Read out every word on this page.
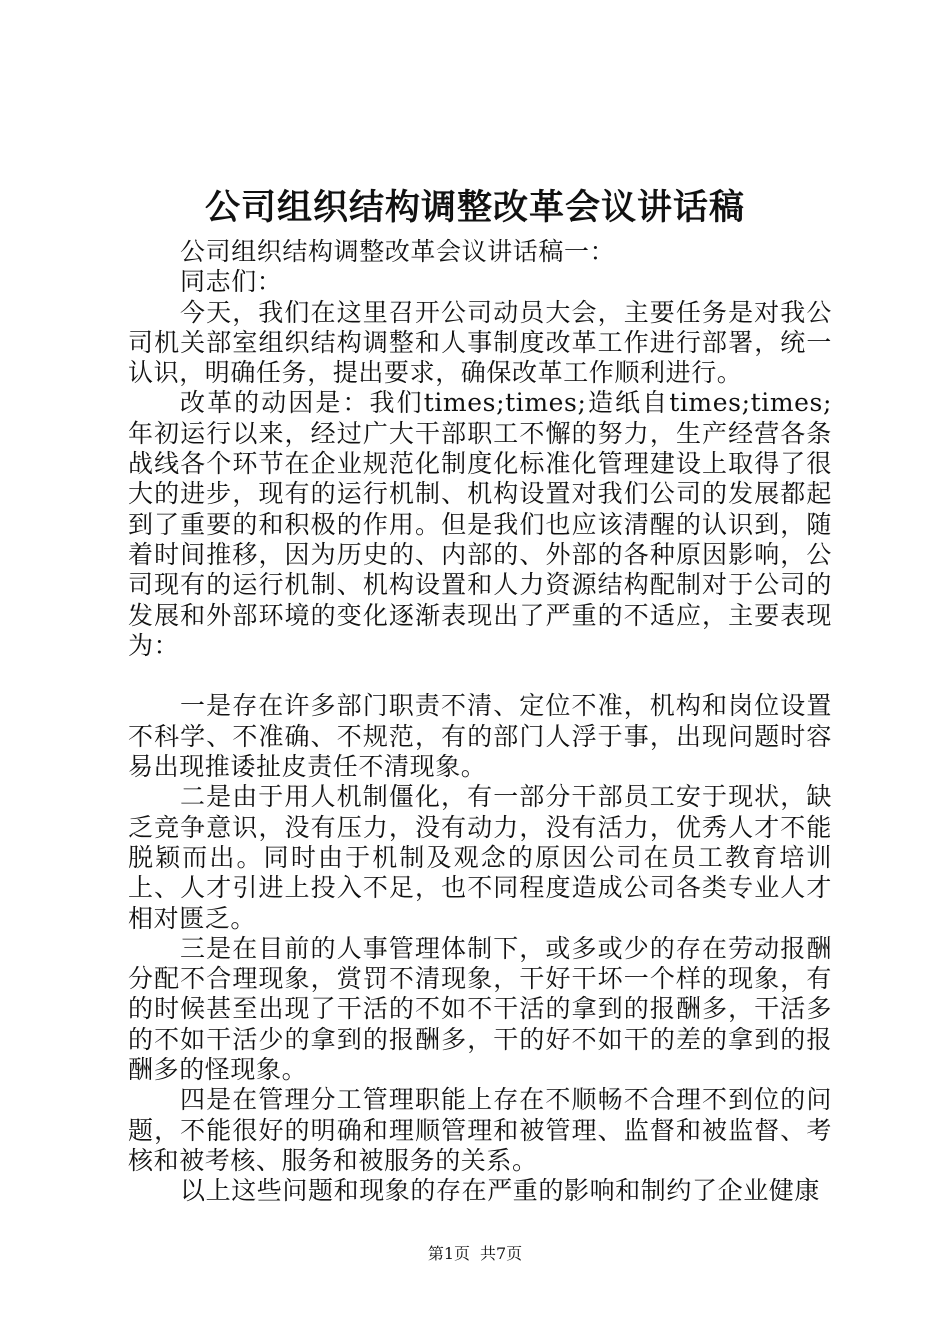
公司组织结构调整改革会议讲话稿

公司组织结构调整改革会议讲话稿一：

同志们：

今天，我们在这里召开公司动员大会，主要任务是对我公司机关部室组织结构调整和人事制度改革工作进行部署，统一认识，明确任务，提出要求，确保改革工作顺利进行。

改革的动因是：我们times;times;造纸自times;times;年初运行以来，经过广大干部职工不懈的努力，生产经营各条战线各个环节在企业规范化制度化标准化管理建设上取得了很大的进步，现有的运行机制、机构设置对我们公司的发展都起到了重要的和积极的作用。但是我们也应该清醒的认识到，随着时间推移，因为历史的、内部的、外部的各种原因影响，公司现有的运行机制、机构设置和人力资源结构配制对于公司的发展和外部环境的变化逐渐表现出了严重的不适应，主要表现为：

一是存在许多部门职责不清、定位不准，机构和岗位设置不科学、不准确、不规范，有的部门人浮于事，出现问题时容易出现推诿扯皮责任不清现象。

二是由于用人机制僵化，有一部分干部员工安于现状，缺乏竞争意识，没有压力，没有动力，没有活力，优秀人才不能脱颖而出。同时由于机制及观念的原因公司在员工教育培训上、人才引进上投入不足，也不同程度造成公司各类专业人才相对匮乏。

三是在目前的人事管理体制下，或多或少的存在劳动报酬分配不合理现象，赏罚不清现象，干好干坏一个样的现象，有的时候甚至出现了干活的不如不干活的拿到的报酬多，干活多的不如干活少的拿到的报酬多，干的好不如干的差的拿到的报酬多的怪现象。

四是在管理分工管理职能上存在不顺畅不合理不到位的问题，不能很好的明确和理顺管理和被管理、监督和被监督、考核和被考核、服务和被服务的关系。

以上这些问题和现象的存在严重的影响和制约了企业健康

第1页 共7页
